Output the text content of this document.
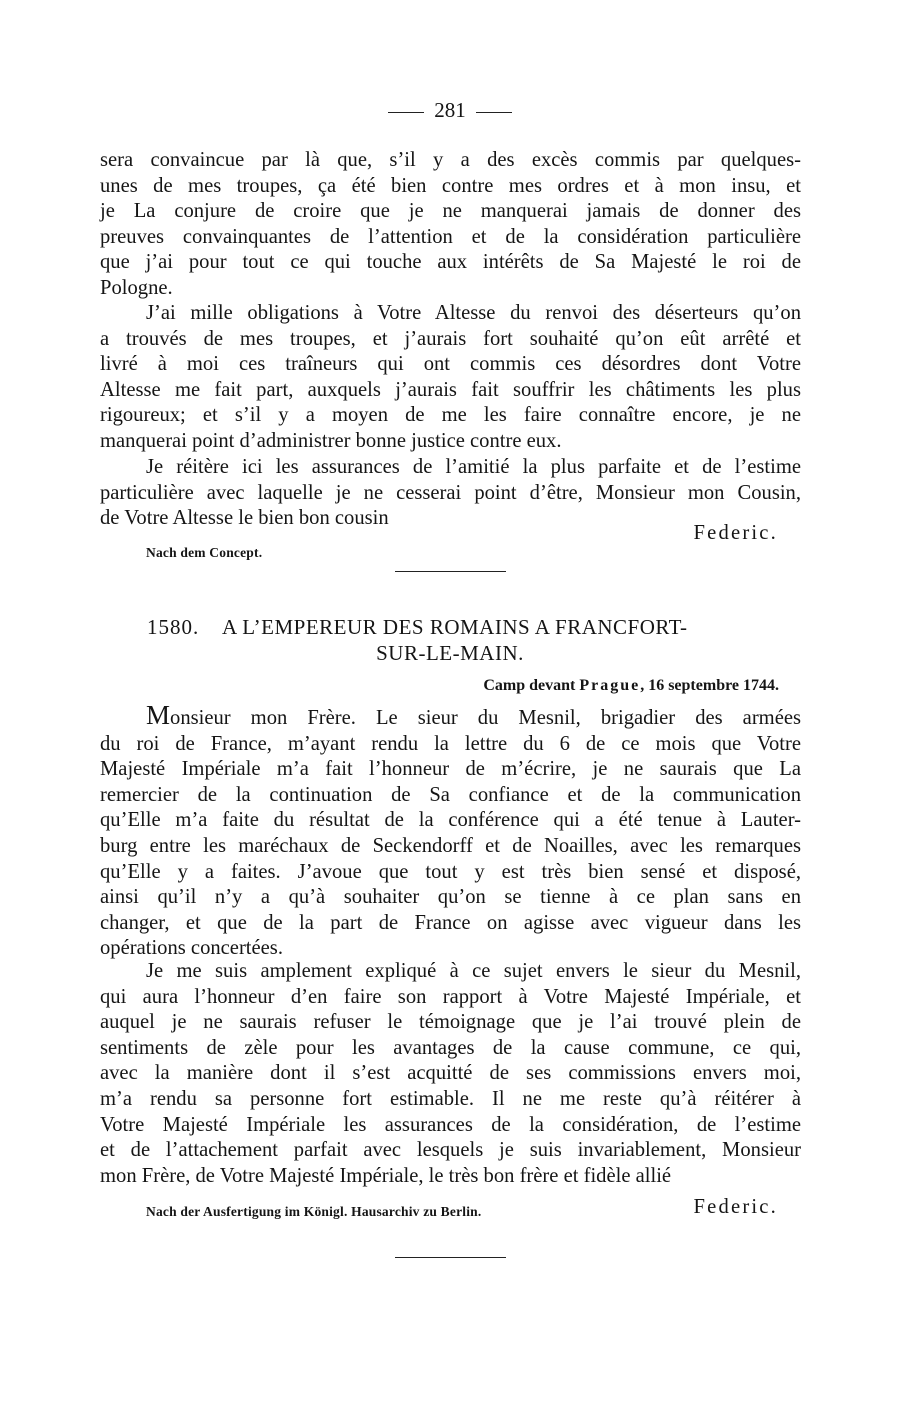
281

sera convaincue par là que, s’il y a des excès commis par quelques-

unes de mes troupes, ça été bien contre mes ordres et à mon insu, et

je La conjure de croire que je ne manquerai jamais de donner des

preuves convainquantes de l’attention et de la considération particulière

que j’ai pour tout ce qui touche aux intérêts de Sa Majesté le roi de

Pologne.

J’ai mille obligations à Votre Altesse du renvoi des déserteurs qu’on

a trouvés de mes troupes, et j’aurais fort souhaité qu’on eût arrêté et

livré à moi ces traîneurs qui ont commis ces désordres dont Votre

Altesse me fait part, auxquels j’aurais fait souffrir les châtiments les plus

rigoureux; et s’il y a moyen de me les faire connaître encore, je ne

manquerai point d’administrer bonne justice contre eux.

Je réitère ici les assurances de l’amitié la plus parfaite et de l’estime

particulière avec laquelle je ne cesserai point d’être, Monsieur mon Cousin,

de Votre Altesse le bien bon cousin

Federic.
Nach dem Concept.
1580. A L’EMPEREUR DES ROMAINS A FRANCFORT-
SUR-LE-MAIN.
Camp devant Prague, 16 septembre 1744.

Monsieur mon Frère. Le sieur du Mesnil, brigadier des armées

du roi de France, m’ayant rendu la lettre du 6 de ce mois que Votre

Majesté Impériale m’a fait l’honneur de m’écrire, je ne saurais que La

remercier de la continuation de Sa confiance et de la communication

qu’Elle m’a faite du résultat de la conférence qui a été tenue à Lauter-

burg entre les maréchaux de Seckendorff et de Noailles, avec les remarques

qu’Elle y a faites. J’avoue que tout y est très bien sensé et disposé,

ainsi qu’il n’y a qu’à souhaiter qu’on se tienne à ce plan sans en

changer, et que de la part de France on agisse avec vigueur dans les

opérations concertées.

Je me suis amplement expliqué à ce sujet envers le sieur du Mesnil,

qui aura l’honneur d’en faire son rapport à Votre Majesté Impériale, et

auquel je ne saurais refuser le témoignage que je l’ai trouvé plein de

sentiments de zèle pour les avantages de la cause commune, ce qui,

avec la manière dont il s’est acquitté de ses commissions envers moi,

m’a rendu sa personne fort estimable. Il ne me reste qu’à réitérer à

Votre Majesté Impériale les assurances de la considération, de l’estime

et de l’attachement parfait avec lesquels je suis invariablement, Monsieur

mon Frère, de Votre Majesté Impériale, le très bon frère et fidèle allié

Nach der Ausfertigung im Königl. Hausarchiv zu Berlin.	Federic.
